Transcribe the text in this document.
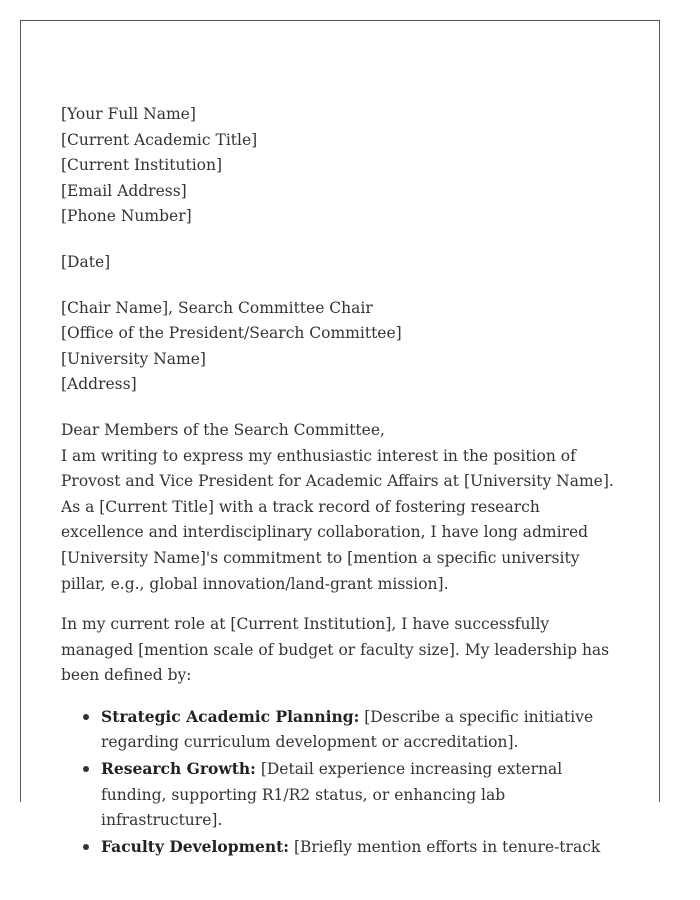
[Your Full Name]

[Current Academic Title]

[Current Institution]

[Email Address]

[Phone Number]

[Date]

[Chair Name], Search Committee Chair

[Office of the President/Search Committee]

[University Name]

[Address]

Dear Members of the Search Committee,

I am writing to express my enthusiastic interest in the position of Provost and Vice President for Academic Affairs at [University Name]. As a [Current Title] with a track record of fostering research excellence and interdisciplinary collaboration, I have long admired [University Name]'s commitment to [mention a specific university pillar, e.g., global innovation/land-grant mission].

In my current role at [Current Institution], I have successfully managed [mention scale of budget or faculty size]. My leadership has been defined by:

Strategic Academic Planning: [Describe a specific initiative regarding curriculum development or accreditation].
Research Growth: [Detail experience increasing external funding, supporting R1/R2 status, or enhancing lab infrastructure].
Faculty Development: [Briefly mention efforts in tenure-track
